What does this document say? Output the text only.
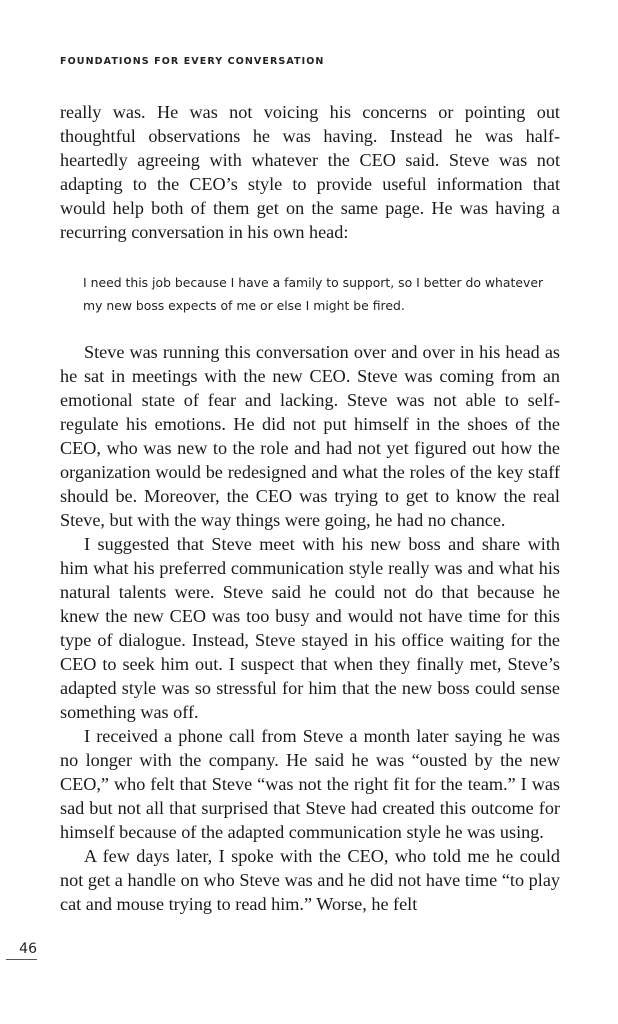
FOUNDATIONS FOR EVERY CONVERSATION

really was. He was not voicing his concerns or pointing out thoughtful observations he was having. Instead he was half-heartedly agreeing with whatever the CEO said. Steve was not adapting to the CEO’s style to provide useful information that would help both of them get on the same page. He was having a recurring conversation in his own head:

I need this job because I have a family to support, so I better do whatever my new boss expects of me or else I might be fired.

Steve was running this conversation over and over in his head as he sat in meetings with the new CEO. Steve was coming from an emotional state of fear and lacking. Steve was not able to self-regulate his emotions. He did not put himself in the shoes of the CEO, who was new to the role and had not yet figured out how the organization would be redesigned and what the roles of the key staff should be. Moreover, the CEO was trying to get to know the real Steve, but with the way things were going, he had no chance.

I suggested that Steve meet with his new boss and share with him what his preferred communication style really was and what his natural talents were. Steve said he could not do that because he knew the new CEO was too busy and would not have time for this type of dialogue. Instead, Steve stayed in his office waiting for the CEO to seek him out. I suspect that when they finally met, Steve’s adapted style was so stressful for him that the new boss could sense something was off.

I received a phone call from Steve a month later saying he was no longer with the company. He said he was “ousted by the new CEO,” who felt that Steve “was not the right fit for the team.” I was sad but not all that surprised that Steve had created this outcome for himself because of the adapted communication style he was using.

A few days later, I spoke with the CEO, who told me he could not get a handle on who Steve was and he did not have time “to play cat and mouse trying to read him.” Worse, he felt

46
